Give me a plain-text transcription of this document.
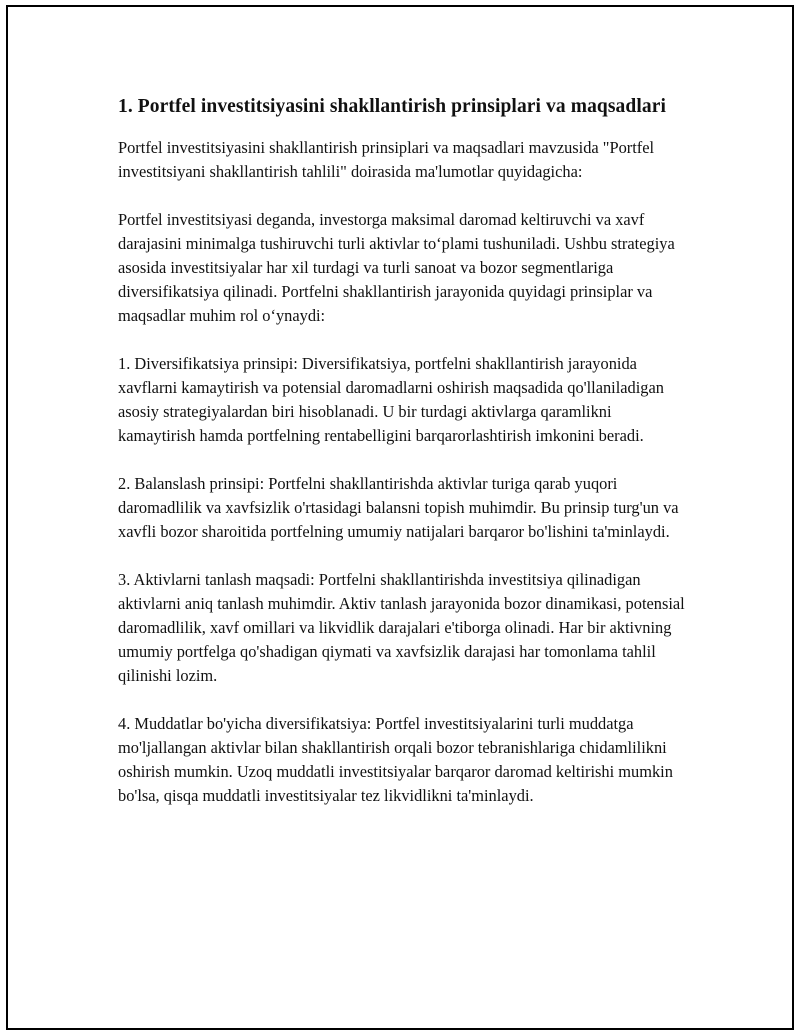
1. Portfel investitsiyasini shakllantirish prinsiplari va maqsadlari

Portfel investitsiyasini shakllantirish prinsiplari va maqsadlari mavzusida "Portfel investitsiyani shakllantirish tahlili" doirasida ma'lumotlar quyidagicha:

Portfel investitsiyasi deganda, investorga maksimal daromad keltiruvchi va xavf darajasini minimalga tushiruvchi turli aktivlar to‘plami tushuniladi. Ushbu strategiya asosida investitsiyalar har xil turdagi va turli sanoat va bozor segmentlariga diversifikatsiya qilinadi. Portfelni shakllantirish jarayonida quyidagi prinsiplar va maqsadlar muhim rol o‘ynaydi:

1. Diversifikatsiya prinsipi: Diversifikatsiya, portfelni shakllantirish jarayonida xavflarni kamaytirish va potensial daromadlarni oshirish maqsadida qo'llaniladigan asosiy strategiyalardan biri hisoblanadi. U bir turdagi aktivlarga qaramlikni kamaytirish hamda portfelning rentabelligini barqarorlashtirish imkonini beradi.

2. Balanslash prinsipi: Portfelni shakllantirishda aktivlar turiga qarab yuqori daromadlilik va xavfsizlik o'rtasidagi balansni topish muhimdir. Bu prinsip turg'un va xavfli bozor sharoitida portfelning umumiy natijalari barqaror bo'lishini ta'minlaydi.

3. Aktivlarni tanlash maqsadi: Portfelni shakllantirishda investitsiya qilinadigan aktivlarni aniq tanlash muhimdir. Aktiv tanlash jarayonida bozor dinamikasi, potensial daromadlilik, xavf omillari va likvidlik darajalari e'tiborga olinadi. Har bir aktivning umumiy portfelga qo'shadigan qiymati va xavfsizlik darajasi har tomonlama tahlil qilinishi lozim.

4. Muddatlar bo'yicha diversifikatsiya: Portfel investitsiyalarini turli muddatga mo'ljallangan aktivlar bilan shakllantirish orqali bozor tebranishlariga chidamlilikni oshirish mumkin. Uzoq muddatli investitsiyalar barqaror daromad keltirishi mumkin bo'lsa, qisqa muddatli investitsiyalar tez likvidlikni ta'minlaydi.
